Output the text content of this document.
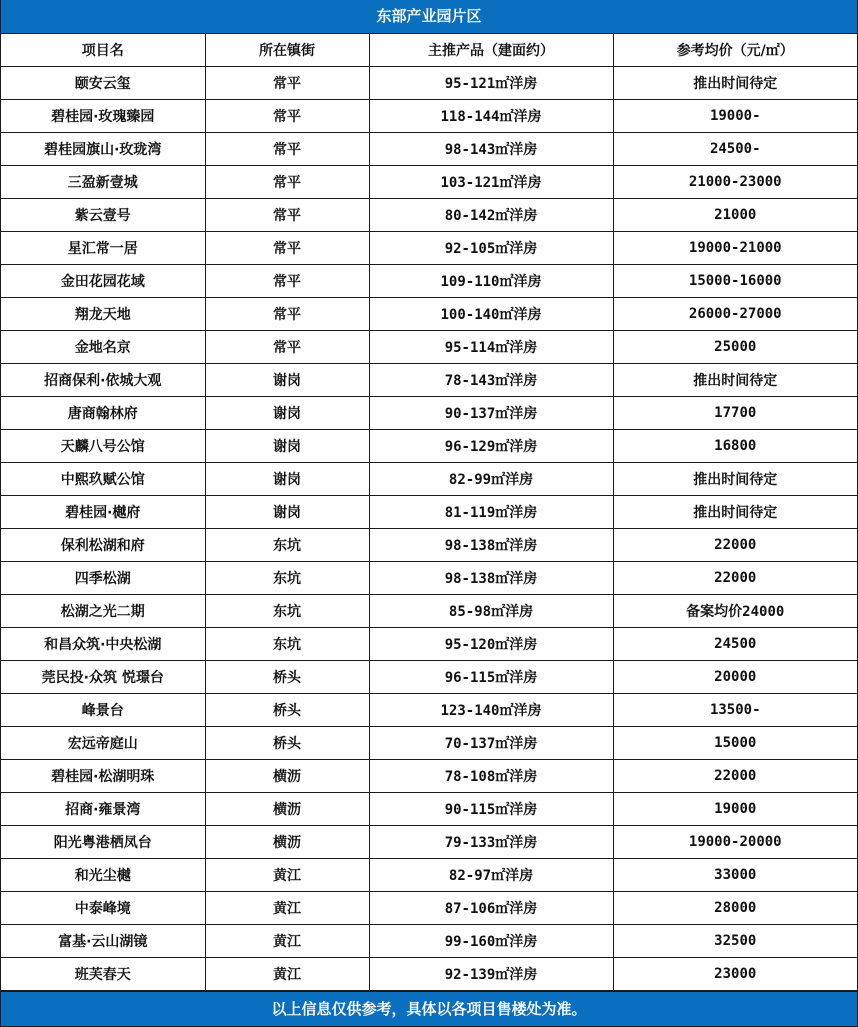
东部产业园片区
项目名	所在镇街	主推产品（建面约）	参考均价（元/㎡）
颐安云玺	常平	95-121㎡洋房	推出时间待定
碧桂园·玫瑰臻园	常平	118-144㎡洋房	19000-
碧桂园旗山·玫珑湾	常平	98-143㎡洋房	24500-
三盈新壹城	常平	103-121㎡洋房	21000-23000
紫云壹号	常平	80-142㎡洋房	21000
星汇常一居	常平	92-105㎡洋房	19000-21000
金田花园花域	常平	109-110㎡洋房	15000-16000
翔龙天地	常平	100-140㎡洋房	26000-27000
金地名京	常平	95-114㎡洋房	25000
招商保利·依城大观	谢岗	78-143㎡洋房	推出时间待定
唐商翰林府	谢岗	90-137㎡洋房	17700
天麟八号公馆	谢岗	96-129㎡洋房	16800
中熙玖赋公馆	谢岗	82-99㎡洋房	推出时间待定
碧桂园·樾府	谢岗	81-119㎡洋房	推出时间待定
保利松湖和府	东坑	98-138㎡洋房	22000
四季松湖	东坑	98-138㎡洋房	22000
松湖之光二期	东坑	85-98㎡洋房	备案均价24000
和昌众筑·中央松湖	东坑	95-120㎡洋房	24500
莞民投·众筑 悦璟台	桥头	96-115㎡洋房	20000
峰景台	桥头	123-140㎡洋房	13500-
宏远帝庭山	桥头	70-137㎡洋房	15000
碧桂园·松湖明珠	横沥	78-108㎡洋房	22000
招商·雍景湾	横沥	90-115㎡洋房	19000
阳光粤港栖凤台	横沥	79-133㎡洋房	19000-20000
和光尘樾	黄江	82-97㎡洋房	33000
中泰峰境	黄江	87-106㎡洋房	28000
富基·云山湖镜	黄江	99-160㎡洋房	32500
班芙春天	黄江	92-139㎡洋房	23000
以上信息仅供参考，具体以各项目售楼处为准。
